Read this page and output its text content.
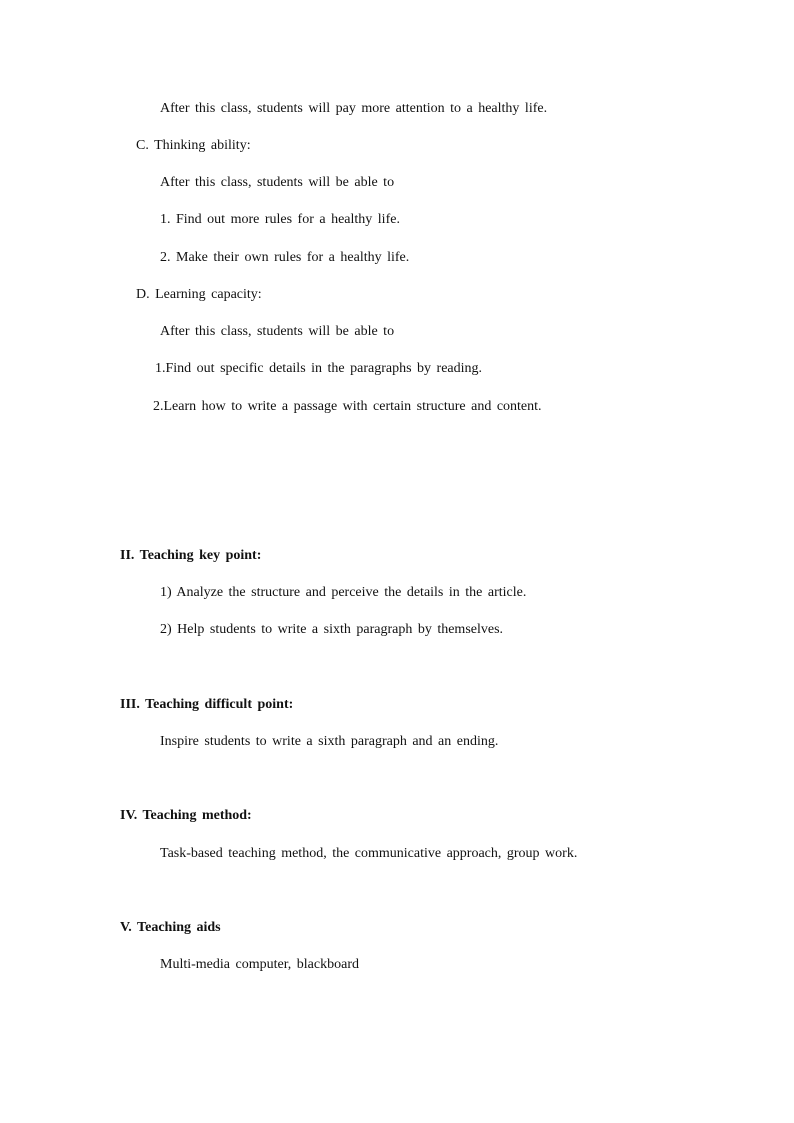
After this class, students will pay more attention to a healthy life.
C. Thinking ability:
After this class, students will be able to
1. Find out more rules for a healthy life.
2. Make their own rules for a healthy life.
D. Learning capacity:
After this class, students will be able to
1.Find out specific details in the paragraphs by reading.
2.Learn how to write a passage with certain structure and content.
II. Teaching key point:
1) Analyze the structure and perceive the details in the article.
2) Help students to write a sixth paragraph by themselves.
III. Teaching difficult point:
Inspire students to write a sixth paragraph and an ending.
IV. Teaching method:
Task-based teaching method, the communicative approach, group work.
V. Teaching aids
Multi-media computer, blackboard
